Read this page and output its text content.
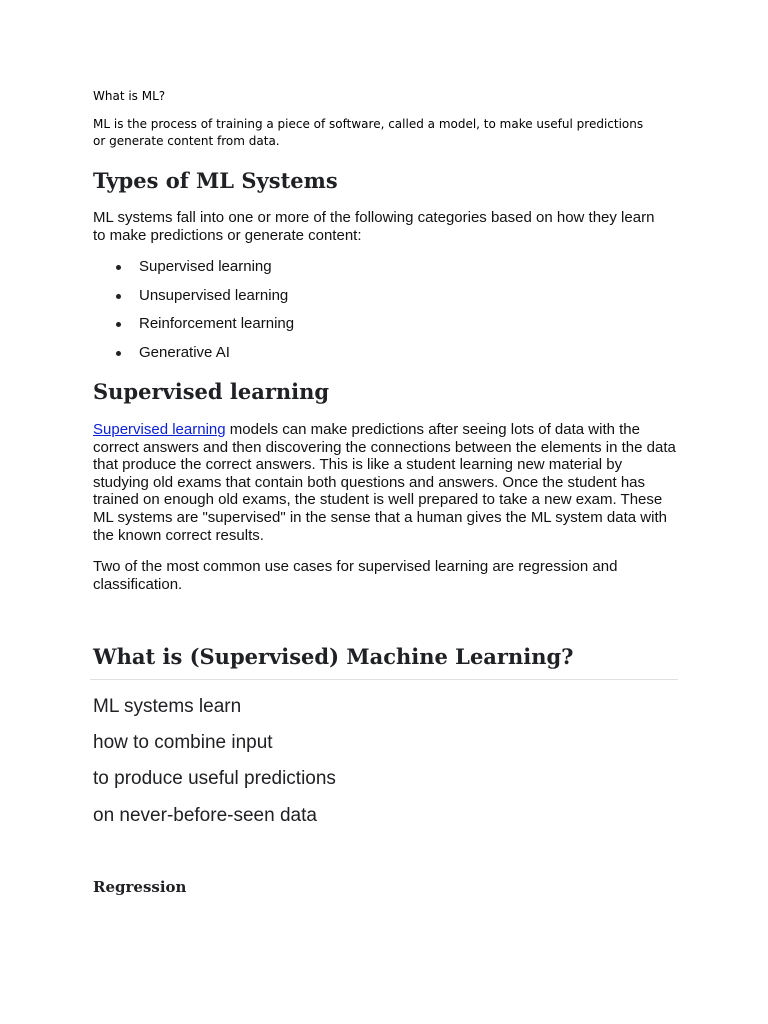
What is ML?
ML is the process of training a piece of software, called a model, to make useful predictions or generate content from data.
Types of ML Systems

ML systems fall into one or more of the following categories based on how they learn to make predictions or generate content:

Supervised learning
Unsupervised learning
Reinforcement learning
Generative AI
Supervised learning

Supervised learning models can make predictions after seeing lots of data with the correct answers and then discovering the connections between the elements in the data that produce the correct answers. This is like a student learning new material by studying old exams that contain both questions and answers. Once the student has trained on enough old exams, the student is well prepared to take a new exam. These ML systems are "supervised" in the sense that a human gives the ML system data with the known correct results.

Two of the most common use cases for supervised learning are regression and classification.

What is (Supervised) Machine Learning?
ML systems learn
how to combine input
to produce useful predictions
on never-before-seen data
Regression
